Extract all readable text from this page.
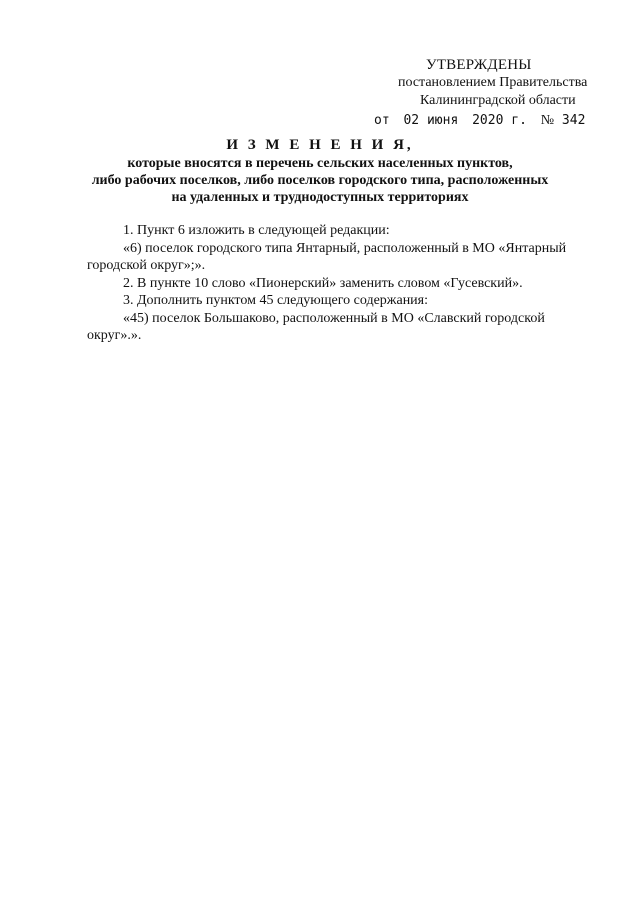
УТВЕРЖДЕНЫ
постановлением Правительства
Калининградской области
от 02 июня 2020 г. № 342
И З М Е Н Е Н И Я,
которые вносятся в перечень сельских населенных пунктов,
либо рабочих поселков, либо поселков городского типа, расположенных
на удаленных и труднодоступных территориях
1. Пункт 6 изложить в следующей редакции:
«6) поселок городского типа Янтарный, расположенный в МО «Янтарный городской округ»;».
2. В пункте 10 слово «Пионерский» заменить словом «Гусевский».
3. Дополнить пунктом 45 следующего содержания:
«45) поселок Большаково, расположенный в МО «Славский городской округ».».
